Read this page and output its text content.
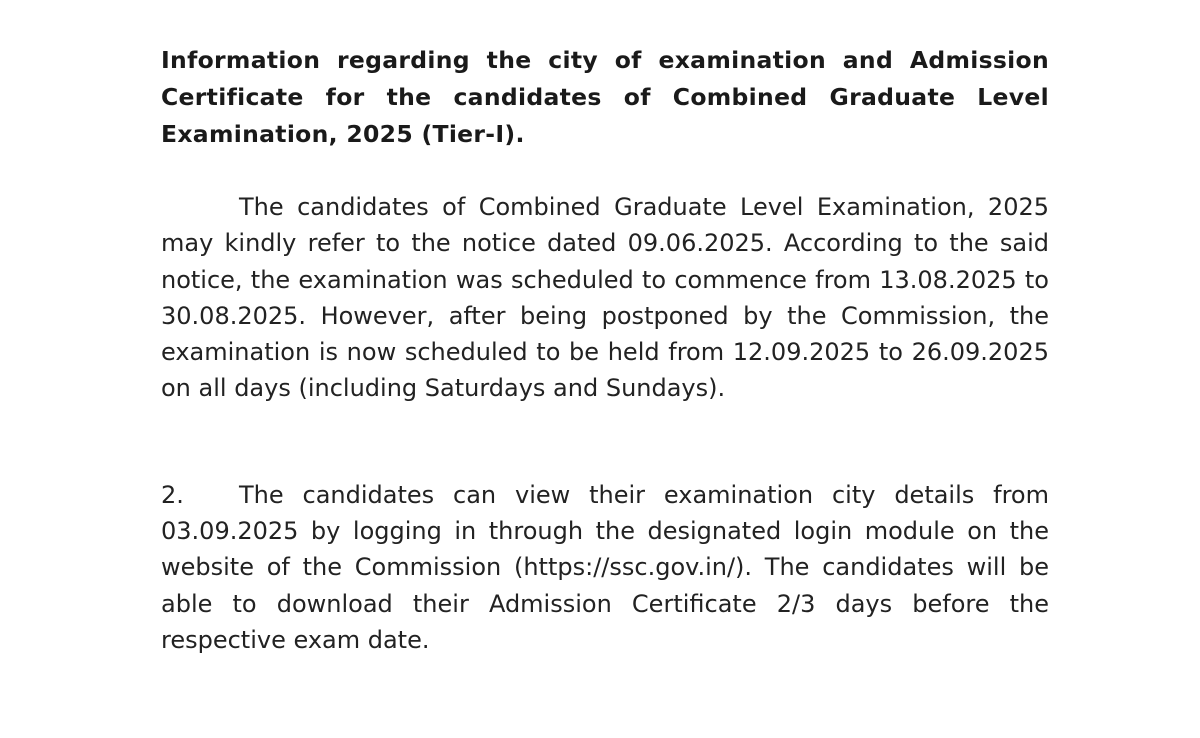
Information regarding the city of examination and Admission Certificate for the candidates of Combined Graduate Level Examination, 2025 (Tier-I).

The candidates of Combined Graduate Level Examination, 2025 may kindly refer to the notice dated 09.06.2025. According to the said notice, the examination was scheduled to commence from 13.08.2025 to 30.08.2025. However, after being postponed by the Commission, the examination is now scheduled to be held from 12.09.2025 to 26.09.2025 on all days (including Saturdays and Sundays).

2. The candidates can view their examination city details from 03.09.2025 by logging in through the designated login module on the website of the Commission (https://ssc.gov.in/). The candidates will be able to download their Admission Certificate 2/3 days before the respective exam date.
